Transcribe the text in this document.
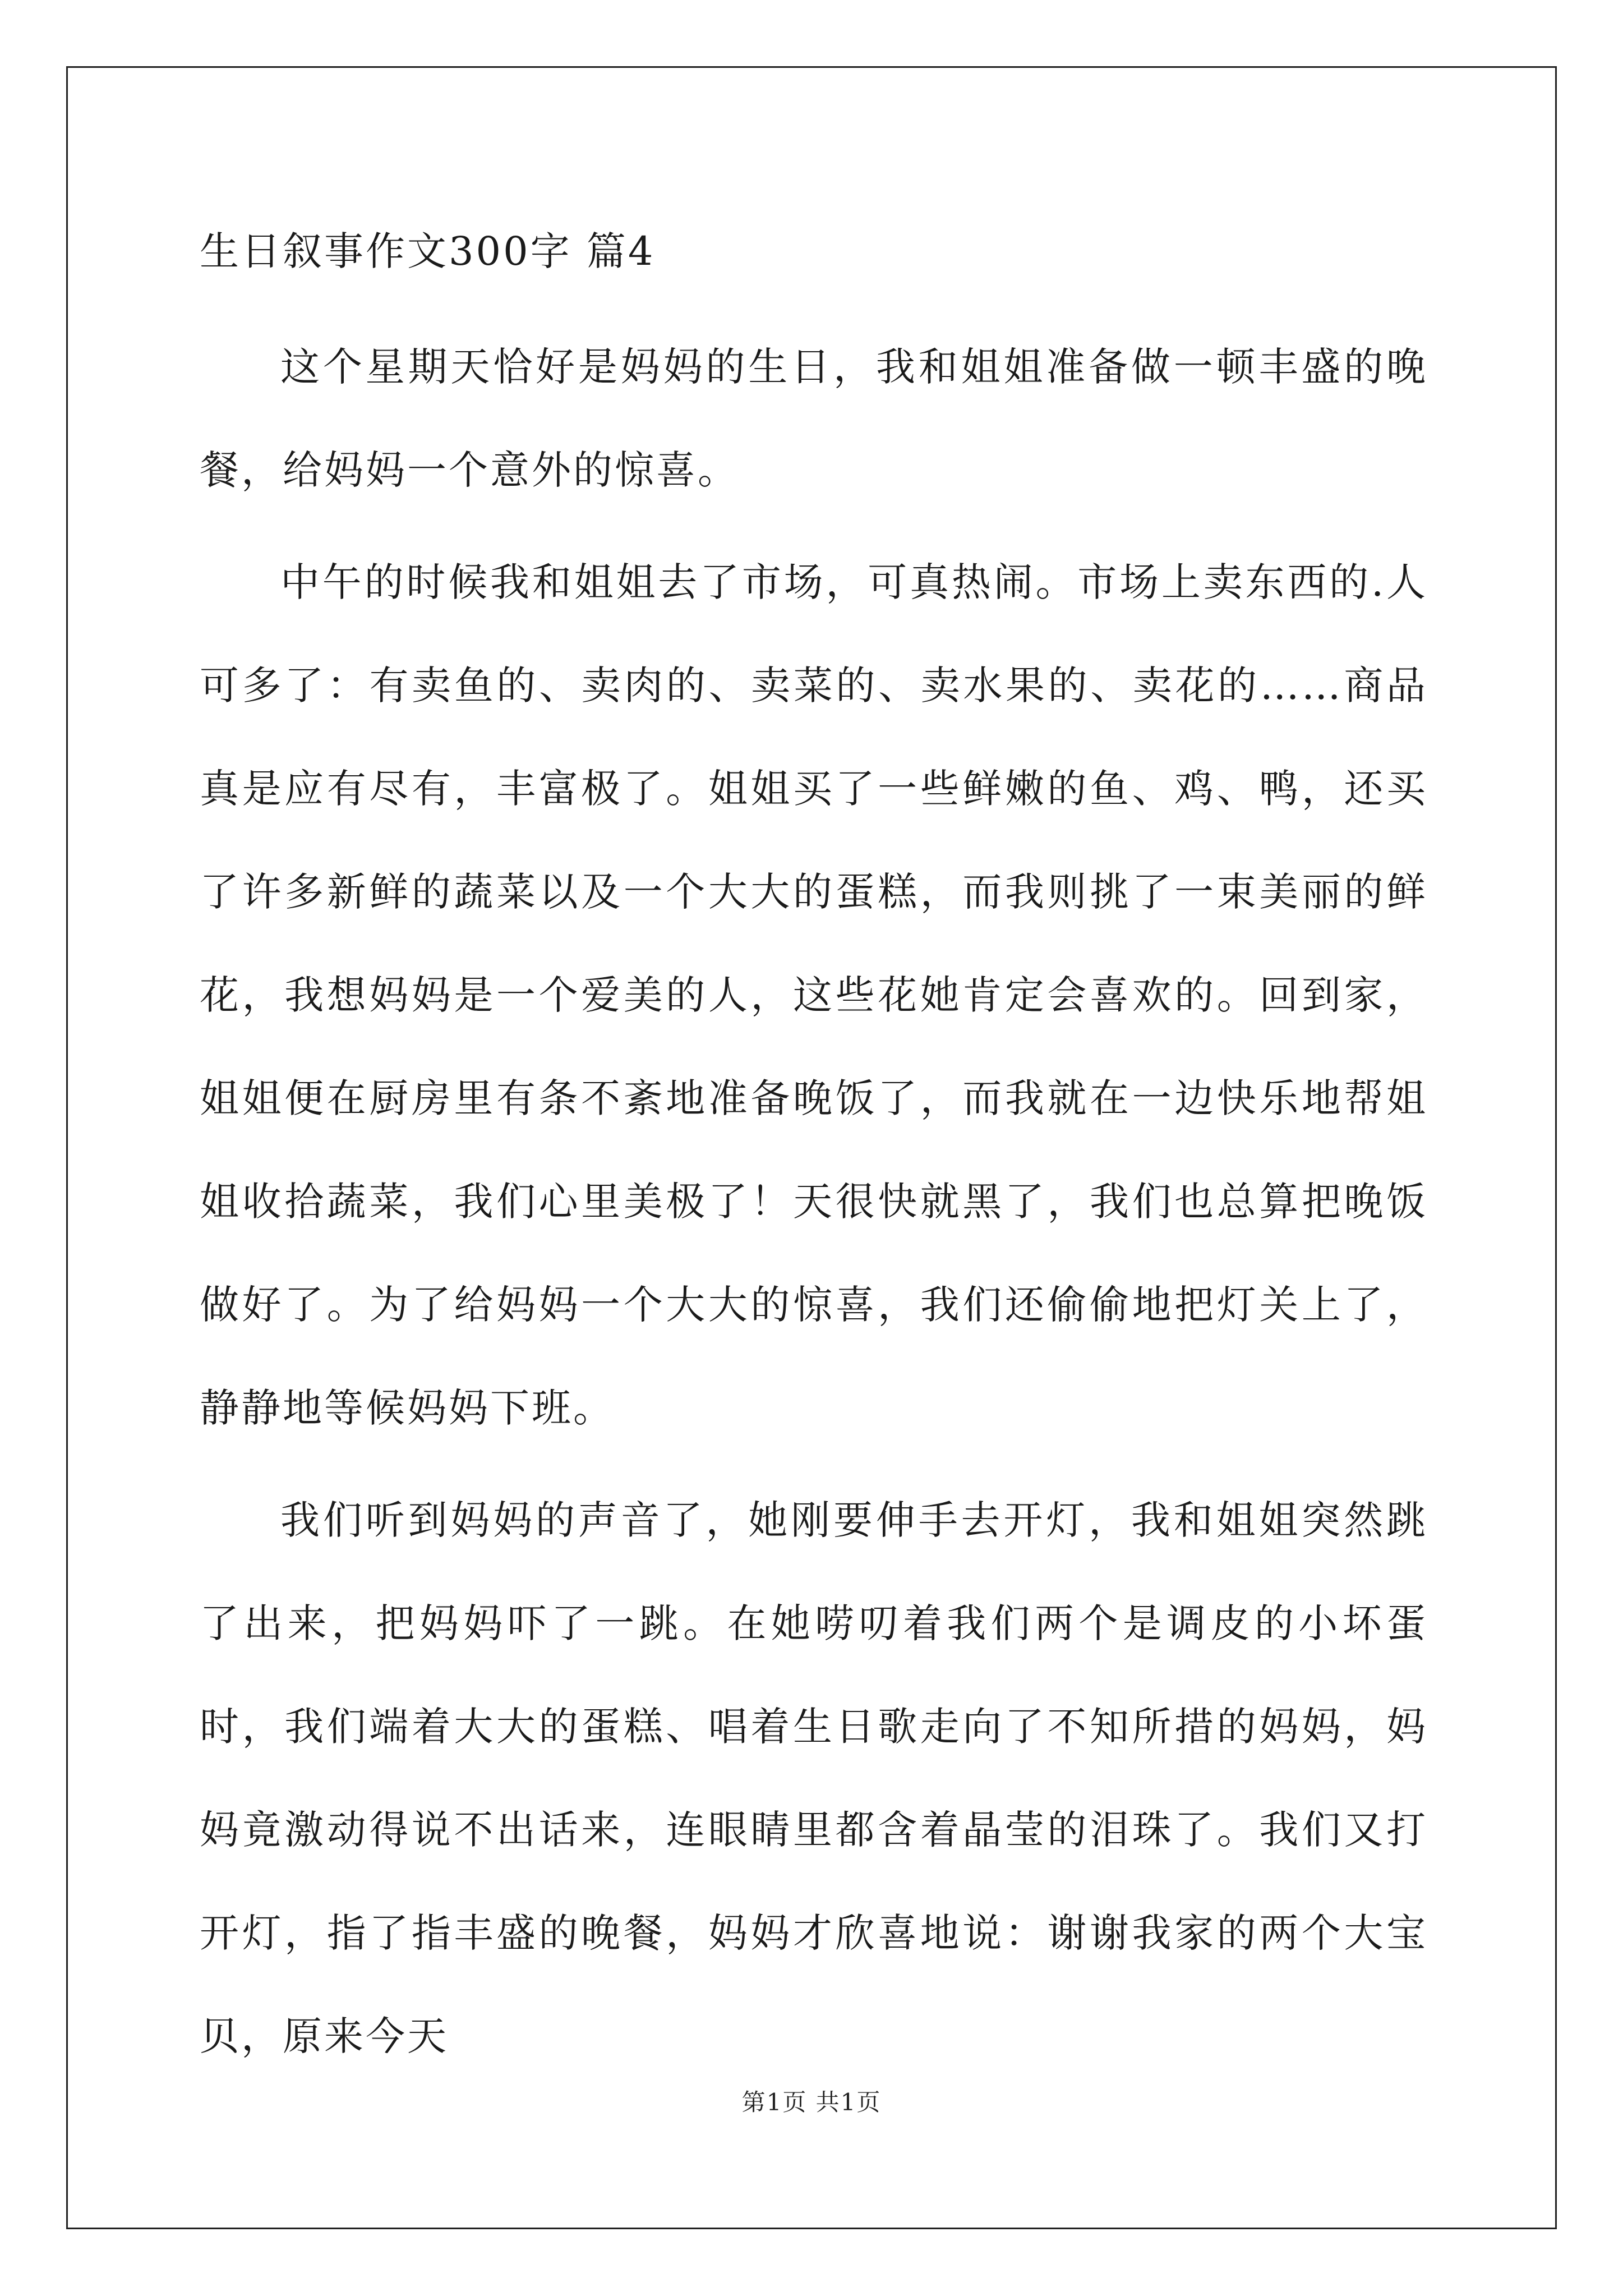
生日叙事作文300字 篇4

这个星期天恰好是妈妈的生日，我和姐姐准备做一顿丰盛的晚餐，给妈妈一个意外的惊喜。

中午的时候我和姐姐去了市场，可真热闹。市场上卖东西的.人可多了：有卖鱼的、卖肉的、卖菜的、卖水果的、卖花的……商品真是应有尽有，丰富极了。姐姐买了一些鲜嫩的鱼、鸡、鸭，还买了许多新鲜的蔬菜以及一个大大的蛋糕，而我则挑了一束美丽的鲜花，我想妈妈是一个爱美的人，这些花她肯定会喜欢的。回到家，姐姐便在厨房里有条不紊地准备晚饭了，而我就在一边快乐地帮姐姐收拾蔬菜，我们心里美极了！天很快就黑了，我们也总算把晚饭做好了。为了给妈妈一个大大的惊喜，我们还偷偷地把灯关上了，静静地等候妈妈下班。

我们听到妈妈的声音了，她刚要伸手去开灯，我和姐姐突然跳了出来，把妈妈吓了一跳。在她唠叨着我们两个是调皮的小坏蛋时，我们端着大大的蛋糕、唱着生日歌走向了不知所措的妈妈，妈妈竟激动得说不出话来，连眼睛里都含着晶莹的泪珠了。我们又打开灯，指了指丰盛的晚餐，妈妈才欣喜地说：谢谢我家的两个大宝贝，原来今天

第1页 共1页
